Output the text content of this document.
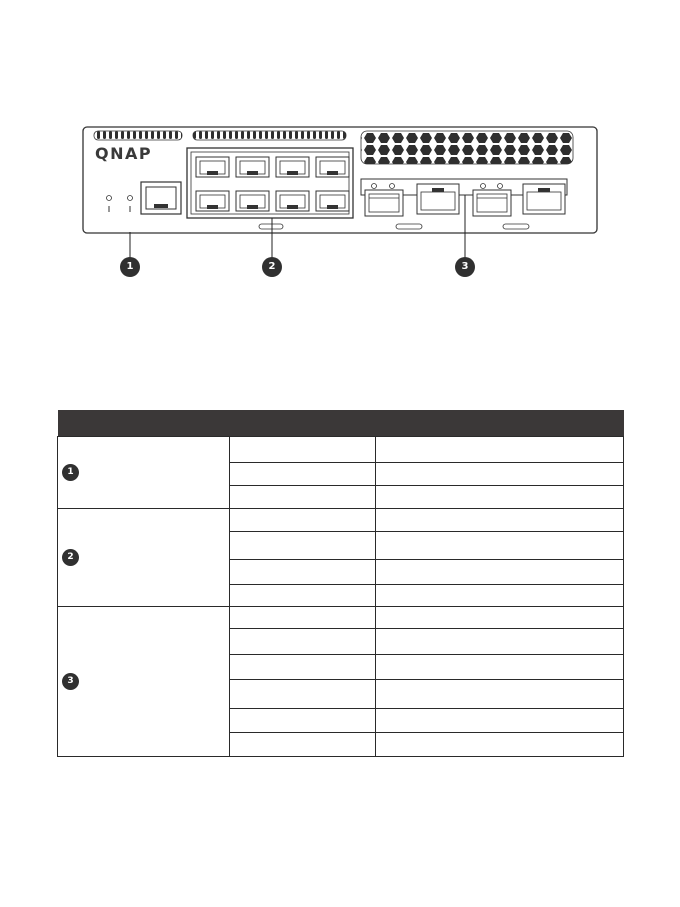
QNAP
1	2	3

1		

2		

3		
